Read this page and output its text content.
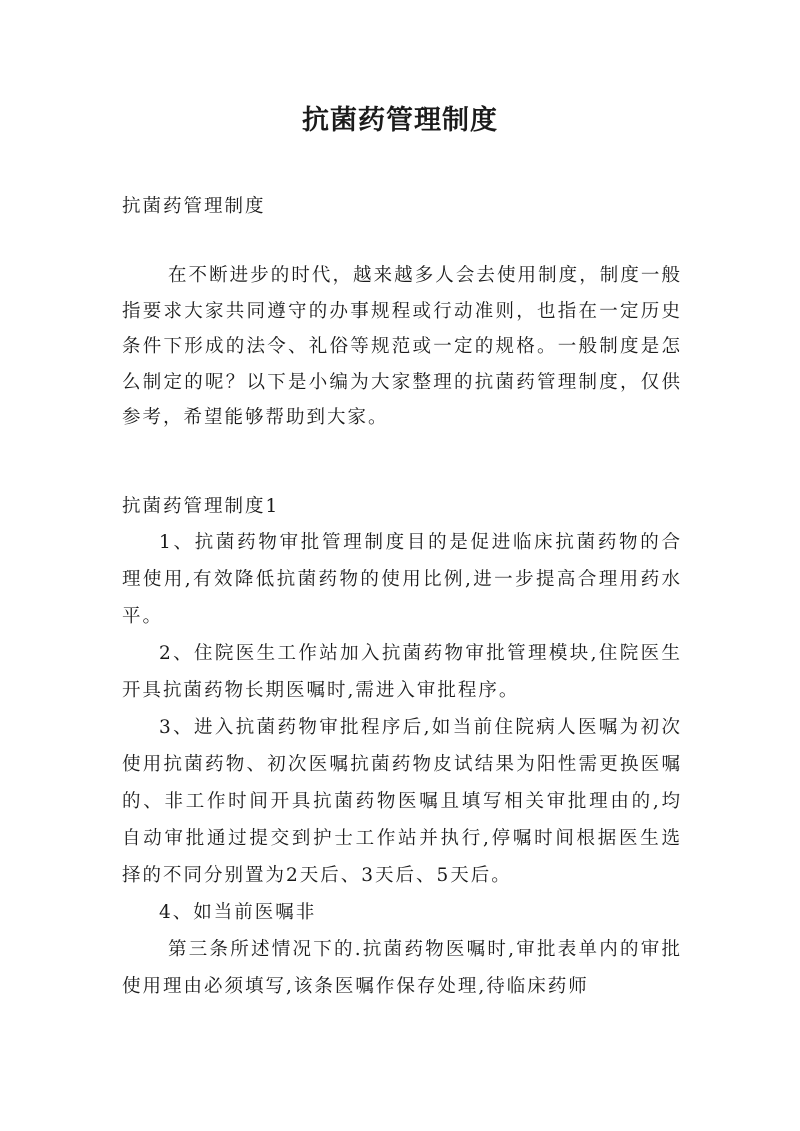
抗菌药管理制度

抗菌药管理制度

在不断进步的时代，越来越多人会去使用制度，制度一般指要求大家共同遵守的办事规程或行动准则，也指在一定历史条件下形成的法令、礼俗等规范或一定的规格。一般制度是怎么制定的呢？以下是小编为大家整理的抗菌药管理制度，仅供参考，希望能够帮助到大家。

抗菌药管理制度1

1、抗菌药物审批管理制度目的是促进临床抗菌药物的合理使用,有效降低抗菌药物的使用比例,进一步提高合理用药水平。

2、住院医生工作站加入抗菌药物审批管理模块,住院医生开具抗菌药物长期医嘱时,需进入审批程序。

3、进入抗菌药物审批程序后,如当前住院病人医嘱为初次使用抗菌药物、初次医嘱抗菌药物皮试结果为阳性需更换医嘱的、非工作时间开具抗菌药物医嘱且填写相关审批理由的,均自动审批通过提交到护士工作站并执行,停嘱时间根据医生选择的不同分别置为2天后、3天后、5天后。

4、如当前医嘱非

第三条所述情况下的.抗菌药物医嘱时,审批表单内的审批使用理由必须填写,该条医嘱作保存处理,待临床药师
